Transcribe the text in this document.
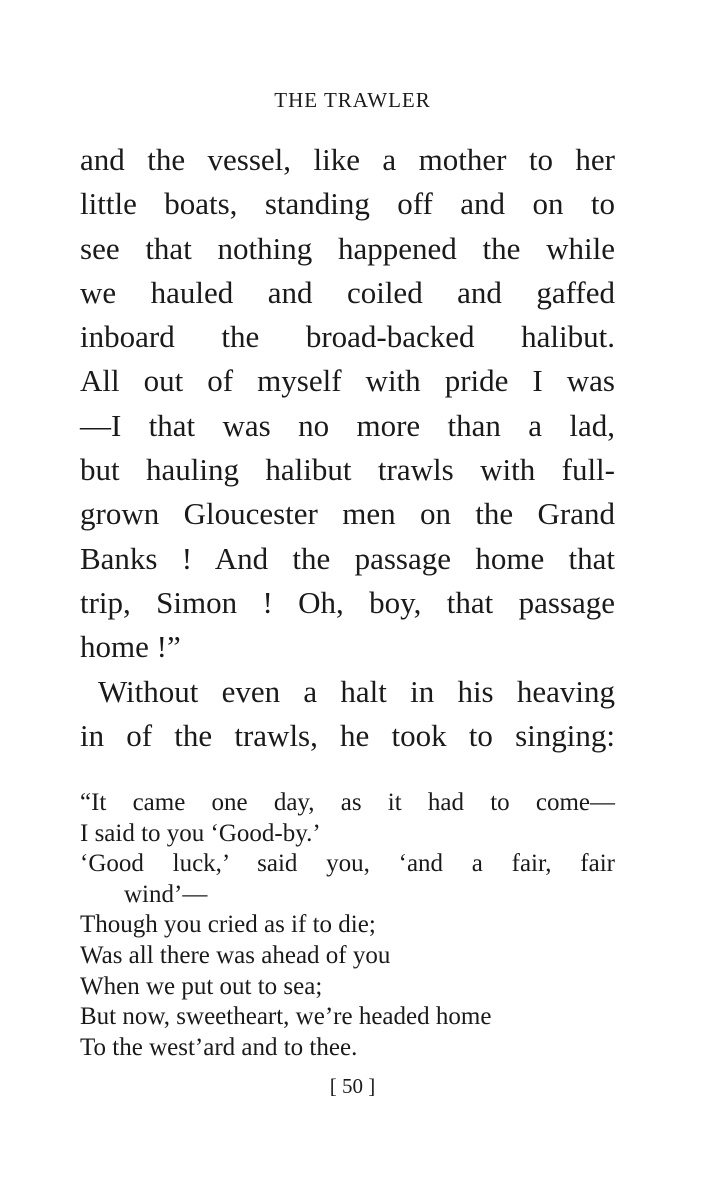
THE TRAWLER
and the vessel, like a mother to her
little boats, standing off and on to
see that nothing happened the while
we hauled and coiled and gaffed
inboard the broad-backed halibut.
All out of myself with pride I was
—I that was no more than a lad,
but hauling halibut trawls with full-
grown Gloucester men on the Grand
Banks ! And the passage home that
trip, Simon ! Oh, boy, that passage
home !”
Without even a halt in his heaving
in of the trawls, he took to singing:
“It came one day, as it had to come—
I said to you ‘Good-by.’
‘Good luck,’ said you, ‘and a fair, fair
wind’—
Though you cried as if to die;
Was all there was ahead of you
When we put out to sea;
But now, sweetheart, we’re headed home
To the west’ard and to thee.
[ 50 ]
